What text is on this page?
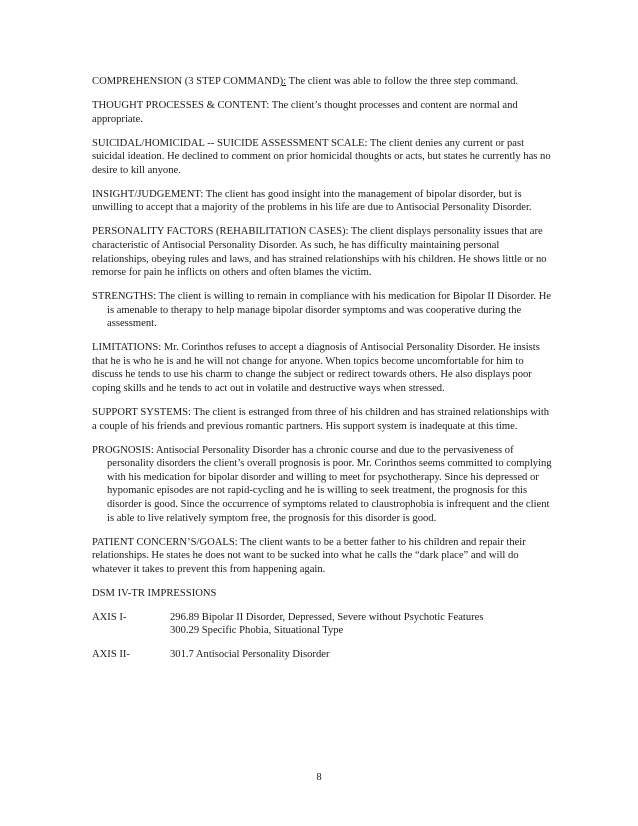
COMPREHENSION (3 STEP COMMAND): The client was able to follow the three step command.

THOUGHT PROCESSES & CONTENT: The client’s thought processes and content are normal and appropriate.

SUICIDAL/HOMICIDAL -- SUICIDE ASSESSMENT SCALE: The client denies any current or past suicidal ideation. He declined to comment on prior homicidal thoughts or acts, but states he currently has no desire to kill anyone.

INSIGHT/JUDGEMENT: The client has good insight into the management of bipolar disorder, but is unwilling to accept that a majority of the problems in his life are due to Antisocial Personality Disorder.

PERSONALITY FACTORS (REHABILITATION CASES): The client displays personality issues that are characteristic of Antisocial Personality Disorder. As such, he has difficulty maintaining personal relationships, obeying rules and laws, and has strained relationships with his children. He shows little or no remorse for pain he inflicts on others and often blames the victim.

STRENGTHS: The client is willing to remain in compliance with his medication for Bipolar II Disorder. He is amenable to therapy to help manage bipolar disorder symptoms and was cooperative during the assessment.

LIMITATIONS: Mr. Corinthos refuses to accept a diagnosis of Antisocial Personality Disorder. He insists that he is who he is and he will not change for anyone. When topics become uncomfortable for him to discuss he tends to use his charm to change the subject or redirect towards others. He also displays poor coping skills and he tends to act out in volatile and destructive ways when stressed.

SUPPORT SYSTEMS: The client is estranged from three of his children and has strained relationships with a couple of his friends and previous romantic partners. His support system is inadequate at this time.

PROGNOSIS: Antisocial Personality Disorder has a chronic course and due to the pervasiveness of personality disorders the client’s overall prognosis is poor. Mr. Corinthos seems committed to complying with his medication for bipolar disorder and willing to meet for psychotherapy. Since his depressed or hypomanic episodes are not rapid-cycling and he is willing to seek treatment, the prognosis for this disorder is good. Since the occurrence of symptoms related to claustrophobia is infrequent and the client is able to live relatively symptom free, the prognosis for this disorder is good.

PATIENT CONCERN’S/GOALS: The client wants to be a better father to his children and repair their relationships. He states he does not want to be sucked into what he calls the “dark place” and will do whatever it takes to prevent this from happening again.

DSM IV-TR IMPRESSIONS

AXIS I-	296.89 Bipolar II Disorder, Depressed, Severe without Psychotic Features
300.29 Specific Phobia, Situational Type
AXIS II-	301.7 Antisocial Personality Disorder
8
